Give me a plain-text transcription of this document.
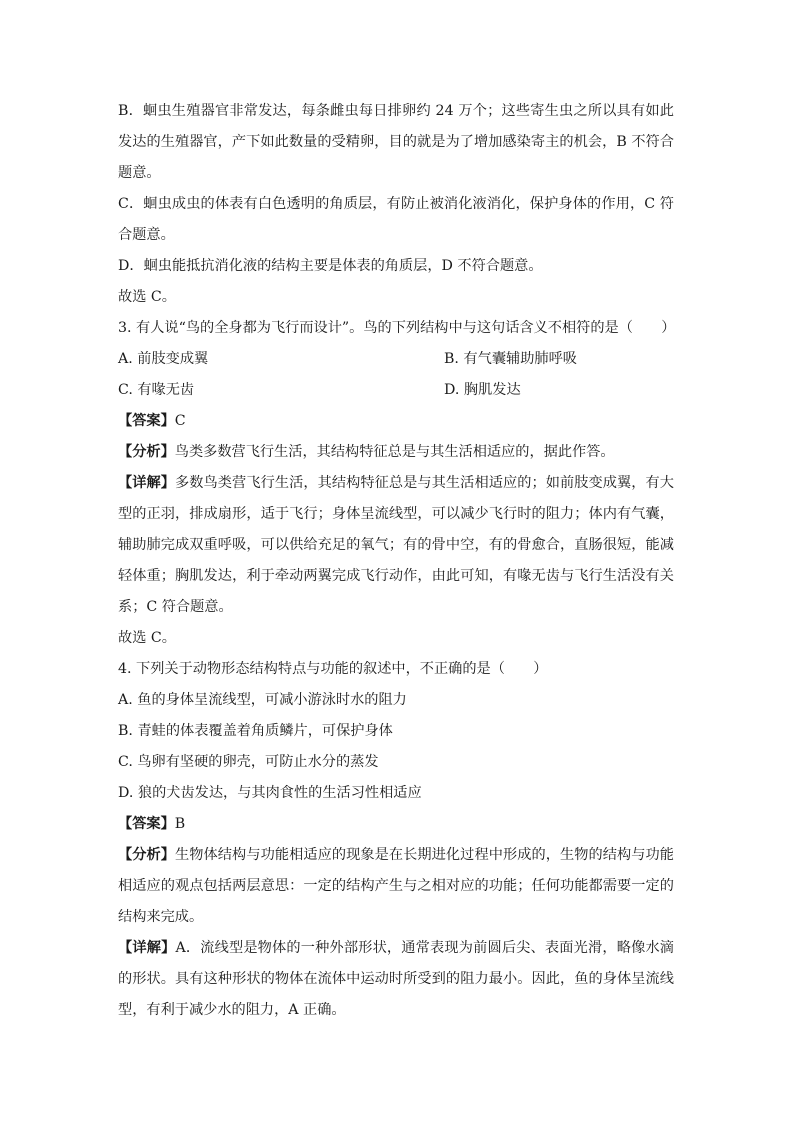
B．蛔虫生殖器官非常发达，每条雌虫每日排卵约 24 万个；这些寄生虫之所以具有如此发达的生殖器官，产下如此数量的受精卵，目的就是为了增加感染寄主的机会，B 不符合题意。

C．蛔虫成虫的体表有白色透明的角质层，有防止被消化液消化，保护身体的作用，C 符合题意。

D．蛔虫能抵抗消化液的结构主要是体表的角质层，D 不符合题意。

故选 C。

3. 有人说“鸟的全身都为飞行而设计”。鸟的下列结构中与这句话含义不相符的是（　　）

A. 前肢变成翼	B. 有气囊辅助肺呼吸
C. 有喙无齿	D. 胸肌发达

【答案】C

【分析】鸟类多数营飞行生活，其结构特征总是与其生活相适应的，据此作答。

【详解】多数鸟类营飞行生活，其结构特征总是与其生活相适应的；如前肢变成翼，有大型的正羽，排成扇形，适于飞行；身体呈流线型，可以减少飞行时的阻力；体内有气囊，辅助肺完成双重呼吸，可以供给充足的氧气；有的骨中空，有的骨愈合，直肠很短，能减轻体重；胸肌发达，利于牵动两翼完成飞行动作，由此可知，有喙无齿与飞行生活没有关系；C 符合题意。

故选 C。

4. 下列关于动物形态结构特点与功能的叙述中，不正确的是（　　）

A. 鱼的身体呈流线型，可减小游泳时水的阻力

B. 青蛙的体表覆盖着角质鳞片，可保护身体

C. 鸟卵有坚硬的卵壳，可防止水分的蒸发

D. 狼的犬齿发达，与其肉食性的生活习性相适应

【答案】B

【分析】生物体结构与功能相适应的现象是在长期进化过程中形成的，生物的结构与功能相适应的观点包括两层意思：一定的结构产生与之相对应的功能；任何功能都需要一定的结构来完成。

【详解】A．流线型是物体的一种外部形状，通常表现为前圆后尖、表面光滑，略像水滴的形状。具有这种形状的物体在流体中运动时所受到的阻力最小。因此，鱼的身体呈流线型，有利于减少水的阻力，A 正确。
